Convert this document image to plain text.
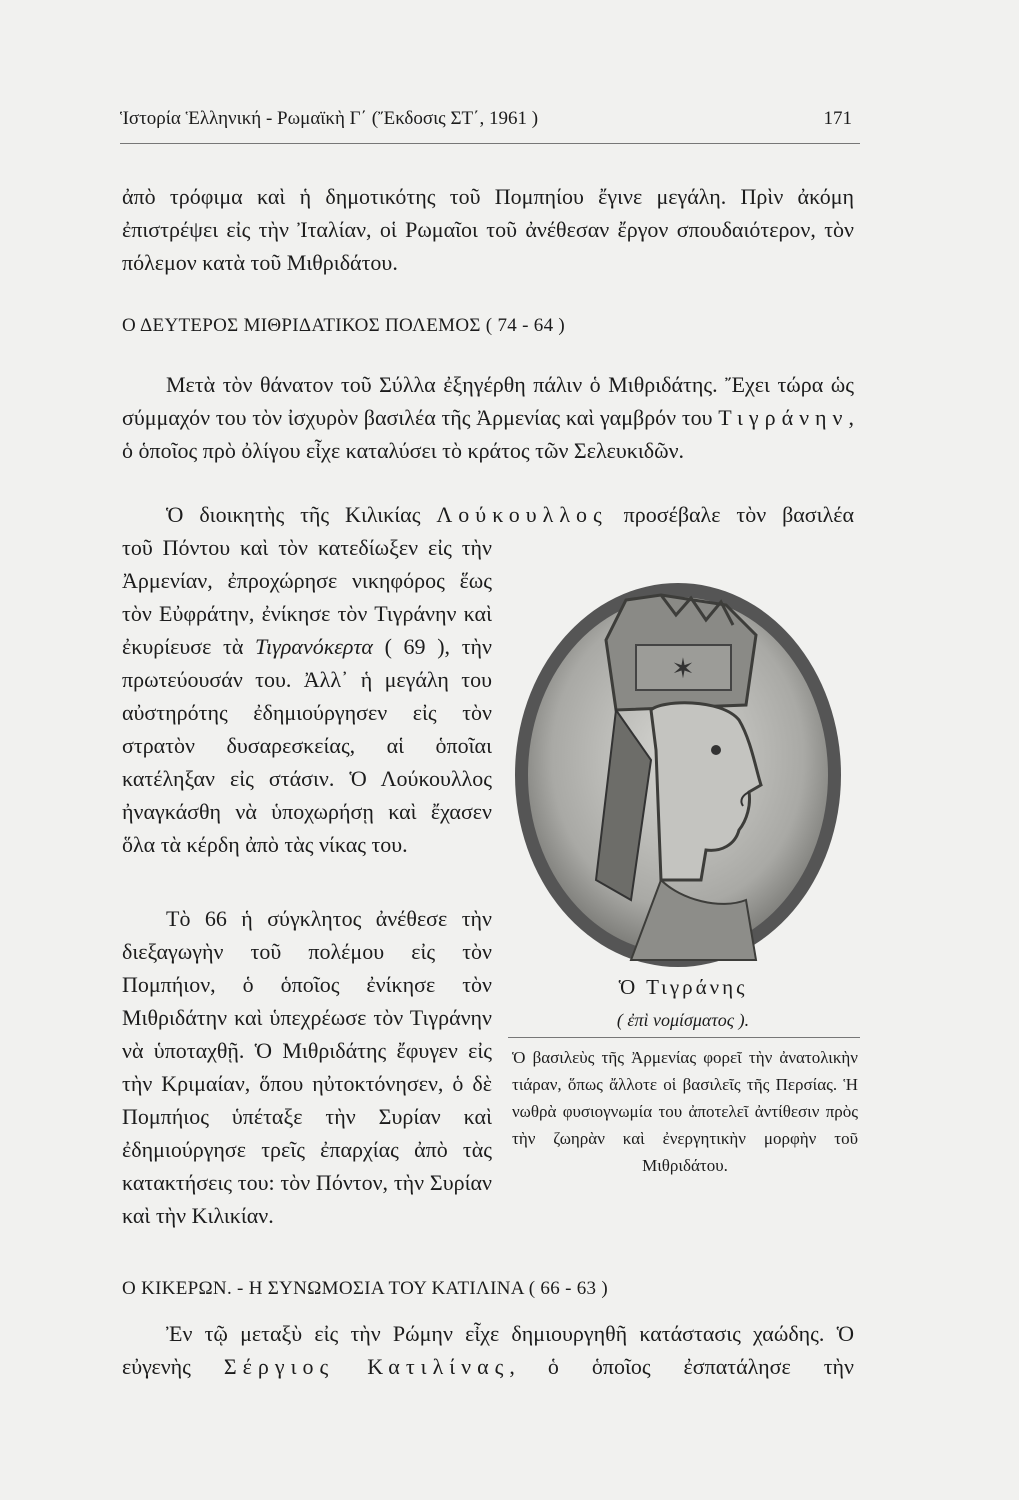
Ἱστορία Ἑλληνική - Ρωμαϊκὴ Γ΄ (Ἔκδοσις ΣΤ΄, 1961 )	171
ἀπὸ τρόφιμα καὶ ἡ δημοτικότης τοῦ Πομπηίου ἔγινε μεγάλη. Πρὶν ἀκόμη ἐπιστρέψει εἰς τὴν Ἰταλίαν, οἱ Ρωμαῖοι τοῦ ἀνέθεσαν ἔργον σπουδαιότερον, τὸν πόλεμον κατὰ τοῦ Μιθριδάτου.
Ο ΔΕΥΤΕΡΟΣ ΜΙΘΡΙΔΑΤΙΚΟΣ ΠΟΛΕΜΟΣ ( 74 - 64 )
Μετὰ τὸν θάνατον τοῦ Σύλλα ἐξηγέρθη πάλιν ὁ Μιθριδάτης. Ἔχει τώρα ὡς σύμμαχόν του τὸν ἰσχυρὸν βασιλέα τῆς Ἀρμενίας καὶ γαμβρόν του Τιγράνην, ὁ ὁποῖος πρὸ ὀλίγου εἶχε καταλύσει τὸ κράτος τῶν Σελευκιδῶν.
Ὁ διοικητὴς τῆς Κιλικίας Λούκουλλος προσέβαλε τὸν βασιλέα
τοῦ Πόντου καὶ τὸν κατεδίωξεν εἰς τὴν Ἀρμενίαν, ἐπροχώρησε νικηφόρος ἕως τὸν Εὐφράτην, ἐνίκησε τὸν Τιγράνην καὶ ἐκυρίευσε τὰ Τιγρανόκερτα ( 69 ), τὴν πρωτεύουσάν του. Ἀλλ᾽ ἡ μεγάλη του αὐστηρότης ἐδημιούργησεν εἰς τὸν στρατὸν δυσαρεσκείας, αἱ ὁποῖαι κατέληξαν εἰς στάσιν. Ὁ Λούκουλλος ἠναγκάσθη νὰ ὑποχωρήσῃ καὶ ἔχασεν ὅλα τὰ κέρδη ἀπὸ τὰς νίκας του.
Τὸ 66 ἡ σύγκλητος ἀνέθεσε τὴν διεξαγωγὴν τοῦ πολέμου εἰς τὸν Πομπήιον, ὁ ὁποῖος ἐνίκησε τὸν Μιθριδάτην καὶ ὑπεχρέωσε τὸν Τιγράνην νὰ ὑποταχθῇ. Ὁ Μιθριδάτης ἔφυγεν εἰς τὴν Κριμαίαν, ὅπου ηὐτοκτόνησεν, ὁ δὲ Πομπήιος ὑπέταξε τὴν Συρίαν καὶ ἐδημιούργησε τρεῖς ἐπαρχίας ἀπὸ τὰς κατακτήσεις του: τὸν Πόντον, τὴν Συρίαν καὶ τὴν Κιλικίαν.
✶
Ὁ Τιγράνης
( ἐπὶ νομίσματος ).
Ὁ βασιλεὺς τῆς Ἀρμενίας φορεῖ τὴν ἀνατολικὴν τιάραν, ὅπως ἄλλοτε οἱ βασιλεῖς τῆς Περσίας. Ἡ νωθρὰ φυσιογνωμία του ἀποτελεῖ ἀντίθεσιν πρὸς τὴν ζωηρὰν καὶ ἐνεργητικὴν μορφὴν τοῦ Μιθριδάτου.
Ο ΚΙΚΕΡΩΝ. - Η ΣΥΝΩΜΟΣΙΑ ΤΟΥ ΚΑΤΙΛΙΝΑ ( 66 - 63 )
Ἐν τῷ μεταξὺ εἰς τὴν Ρώμην εἶχε δημιουργηθῆ κατάστασις χαώδης. Ὁ εὐγενὴς Σέργιος Κατιλίνας, ὁ ὁποῖος ἐσπατάλησε τὴν
